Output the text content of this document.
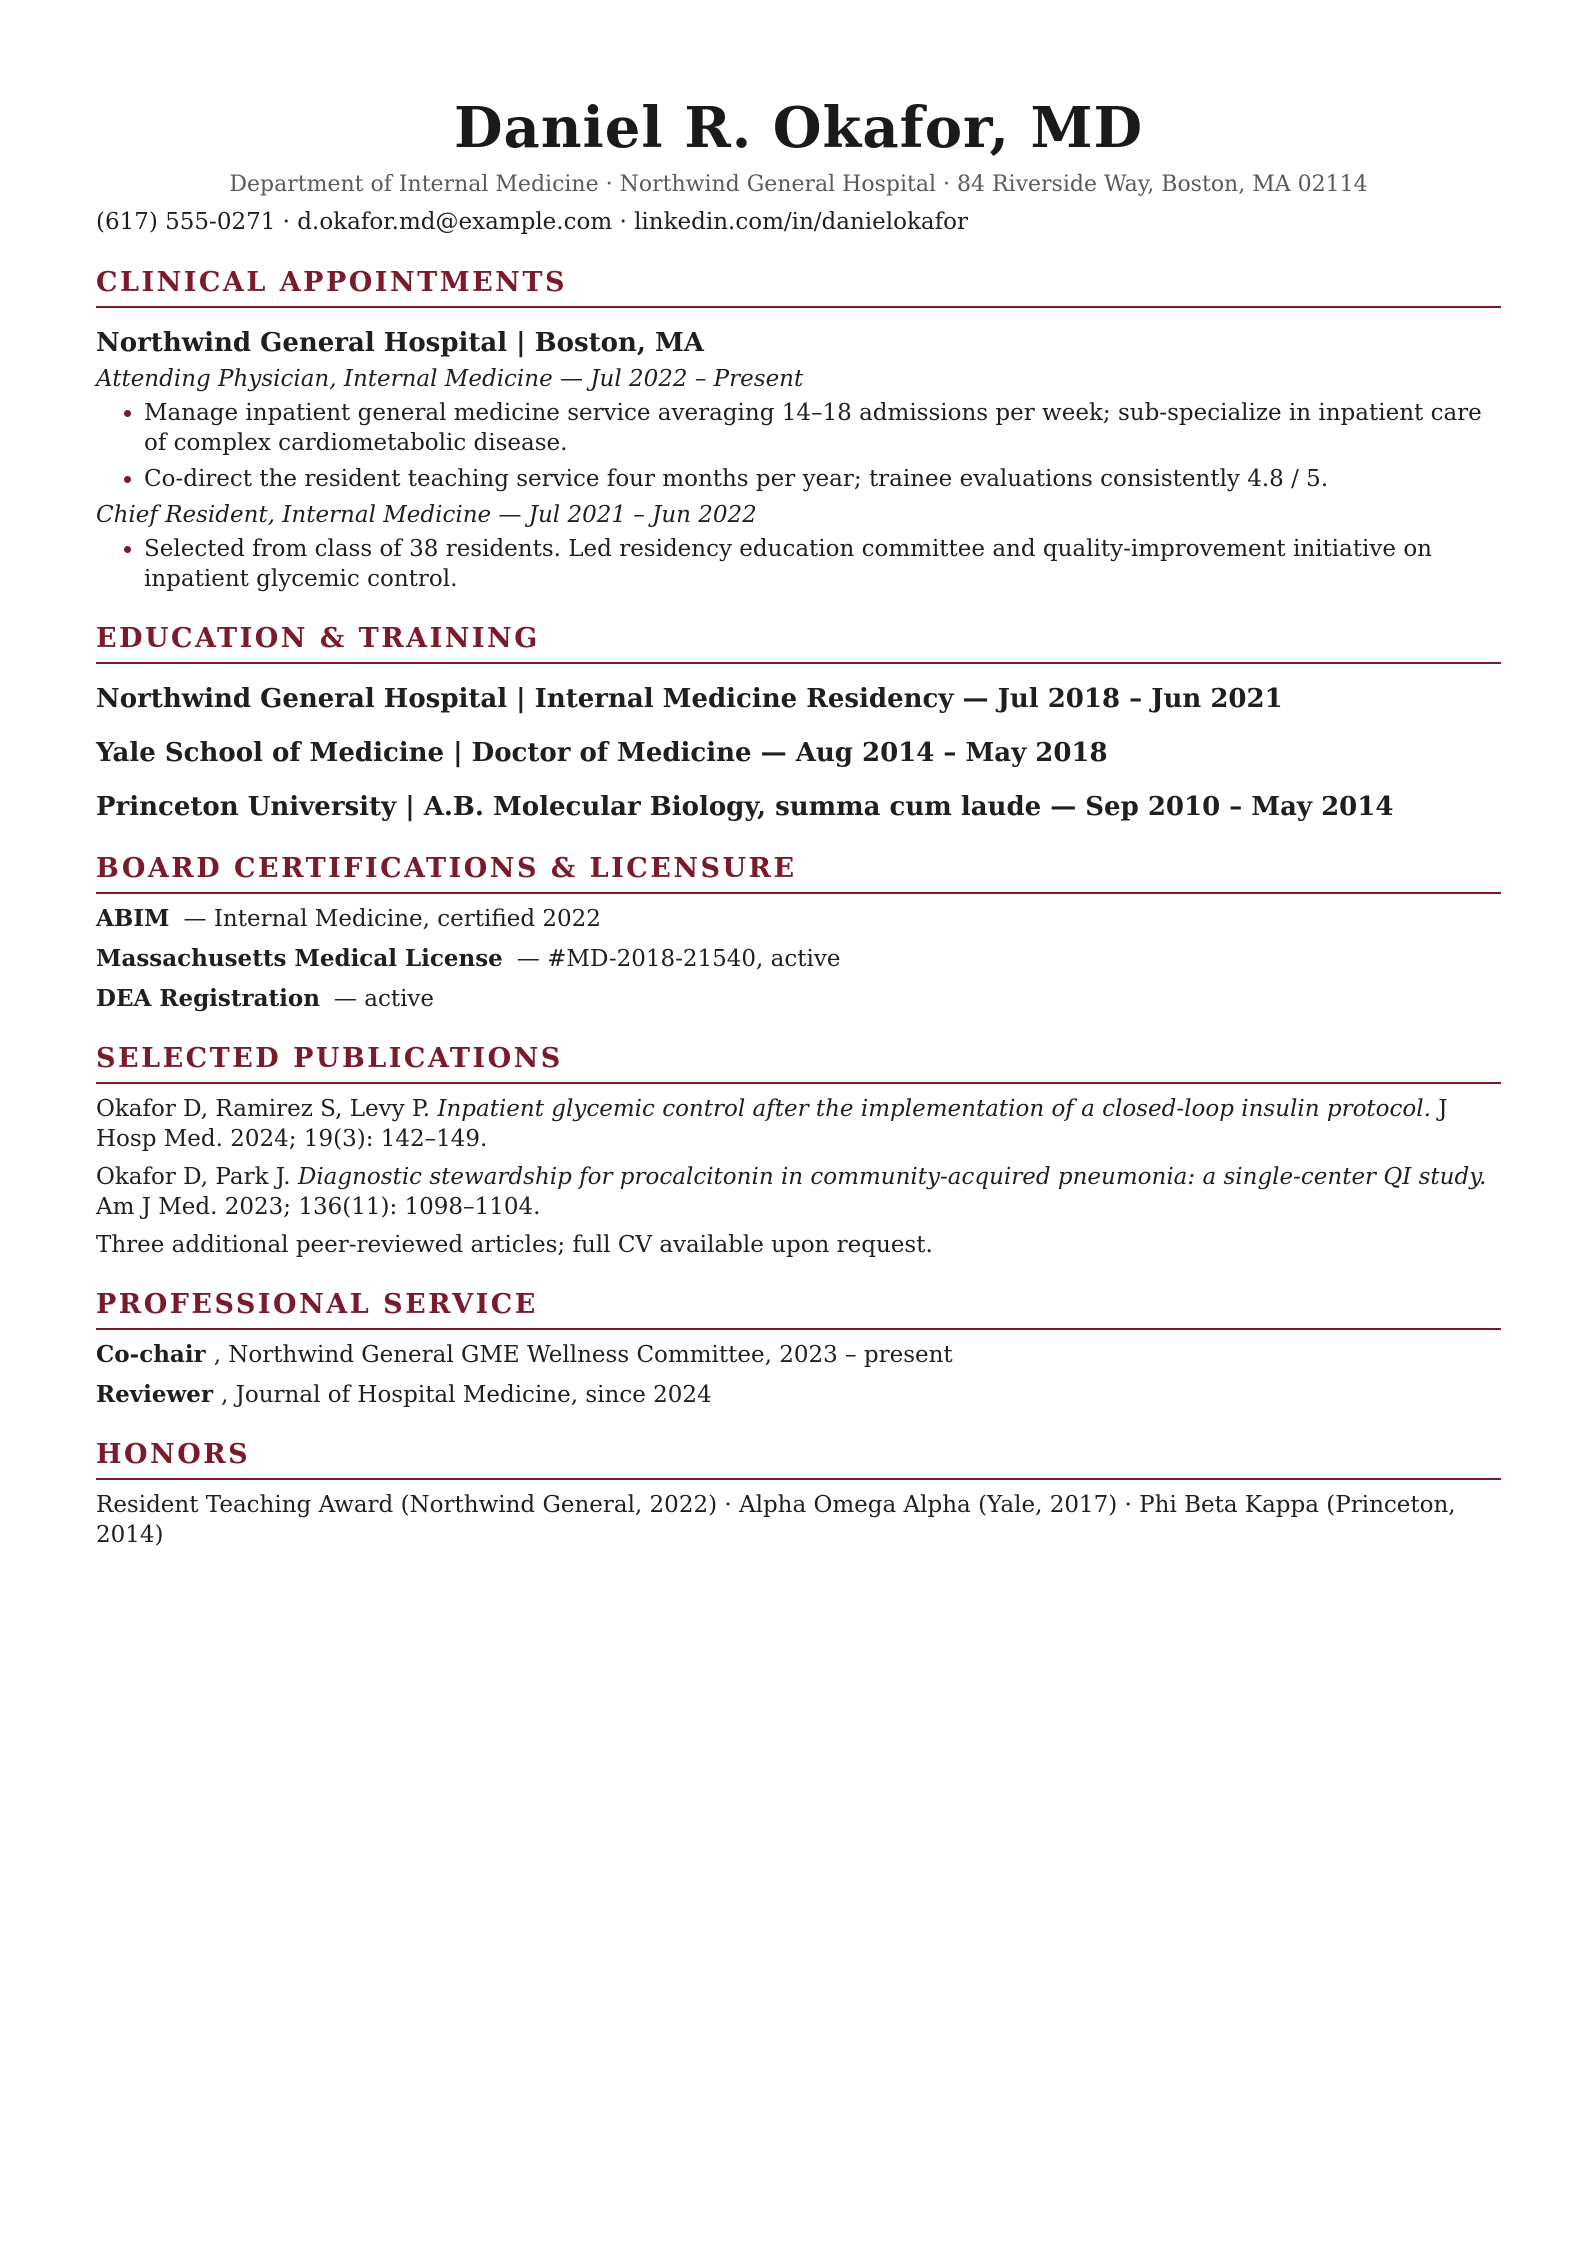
Daniel R. Okafor, MD
Department of Internal Medicine · Northwind General Hospital · 84 Riverside Way, Boston, MA 02114
(617) 555-0271 · d.okafor.md@example.com · linkedin.com/in/danielokafor
CLINICAL APPOINTMENTS
Northwind General Hospital | Boston, MA
Attending Physician, Internal Medicine — Jul 2022 – Present
• Manage inpatient general medicine service averaging 14–18 admissions per week; sub-specialize in inpatient care of complex cardiometabolic disease.
• Co-direct the resident teaching service four months per year; trainee evaluations consistently 4.8 / 5.
Chief Resident, Internal Medicine — Jul 2021 – Jun 2022
• Selected from class of 38 residents. Led residency education committee and quality-improvement initiative on inpatient glycemic control.
EDUCATION & TRAINING
Northwind General Hospital | Internal Medicine Residency — Jul 2018 – Jun 2021
Yale School of Medicine | Doctor of Medicine — Aug 2014 – May 2018
Princeton University | A.B. Molecular Biology, summa cum laude — Sep 2010 – May 2014
BOARD CERTIFICATIONS & LICENSURE
ABIM — Internal Medicine, certified 2022
Massachusetts Medical License — #MD-2018-21540, active
DEA Registration — active
SELECTED PUBLICATIONS
Okafor D, Ramirez S, Levy P. Inpatient glycemic control after the implementation of a closed-loop insulin protocol. J Hosp Med. 2024; 19(3): 142–149.
Okafor D, Park J. Diagnostic stewardship for procalcitonin in community-acquired pneumonia: a single-center QI study. Am J Med. 2023; 136(11): 1098–1104.
Three additional peer-reviewed articles; full CV available upon request.
PROFESSIONAL SERVICE
Co-chair , Northwind General GME Wellness Committee, 2023 – present
Reviewer , Journal of Hospital Medicine, since 2024
HONORS
Resident Teaching Award (Northwind General, 2022) · Alpha Omega Alpha (Yale, 2017) · Phi Beta Kappa (Princeton, 2014)
